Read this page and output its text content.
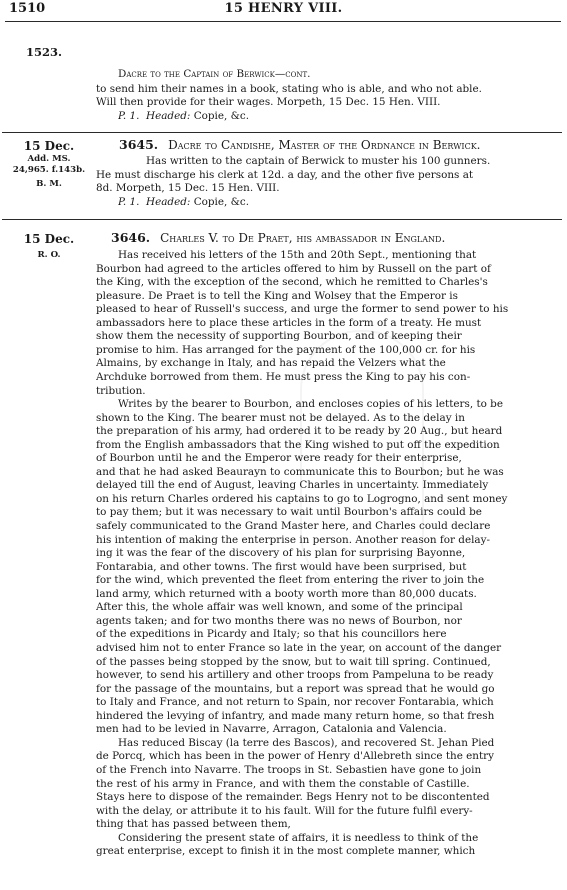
1510	15 HENRY VIII.
1523.
Dacre to the Captain of Berwick—cont.
to send him their names in a book, stating who is able, and who not able.
Will then provide for their wages. Morpeth, 15 Dec. 15 Hen. VIII.
P. 1. Headed: Copie, &c.
15 Dec.
Add. MS.
24,965. f.143b.
B. M.
3645. Dacre to Candishe, Master of the Ordnance in Berwick.
Has written to the captain of Berwick to muster his 100 gunners.
He must discharge his clerk at 12d. a day, and the other five persons at
8d. Morpeth, 15 Dec. 15 Hen. VIII.
P. 1. Headed: Copie, &c.
15 Dec.
R. O.
3646. Charles V. to De Praet, his ambassador in England.
Has received his letters of the 15th and 20th Sept., mentioning that
Bourbon had agreed to the articles offered to him by Russell on the part of
the King, with the exception of the second, which he remitted to Charles's
pleasure. De Praet is to tell the King and Wolsey that the Emperor is
pleased to hear of Russell's success, and urge the former to send power to his
ambassadors here to place these articles in the form of a treaty. He must
show them the necessity of supporting Bourbon, and of keeping their
promise to him. Has arranged for the payment of the 100,000 cr. for his
Almains, by exchange in Italy, and has repaid the Velzers what the
Archduke borrowed from them. He must press the King to pay his con-
tribution.
Writes by the bearer to Bourbon, and encloses copies of his letters, to be
shown to the King. The bearer must not be delayed. As to the delay in
the preparation of his army, had ordered it to be ready by 20 Aug., but heard
from the English ambassadors that the King wished to put off the expedition
of Bourbon until he and the Emperor were ready for their enterprise,
and that he had asked Beaurayn to communicate this to Bourbon; but he was
delayed till the end of August, leaving Charles in uncertainty. Immediately
on his return Charles ordered his captains to go to Logrogno, and sent money
to pay them; but it was necessary to wait until Bourbon's affairs could be
safely communicated to the Grand Master here, and Charles could declare
his intention of making the enterprise in person. Another reason for delay-
ing it was the fear of the discovery of his plan for surprising Bayonne,
Fontarabia, and other towns. The first would have been surprised, but
for the wind, which prevented the fleet from entering the river to join the
land army, which returned with a booty worth more than 80,000 ducats.
After this, the whole affair was well known, and some of the principal
agents taken; and for two months there was no news of Bourbon, nor
of the expeditions in Picardy and Italy; so that his councillors here
advised him not to enter France so late in the year, on account of the danger
of the passes being stopped by the snow, but to wait till spring. Continued,
however, to send his artillery and other troops from Pampeluna to be ready
for the passage of the mountains, but a report was spread that he would go
to Italy and France, and not return to Spain, nor recover Fontarabia, which
hindered the levying of infantry, and made many return home, so that fresh
men had to be levied in Navarre, Arragon, Catalonia and Valencia.
Has reduced Biscay (la terre des Bascos), and recovered St. Jehan Pied
de Porcq, which has been in the power of Henry d'Allebreth since the entry
of the French into Navarre. The troops in St. Sebastien have gone to join
the rest of his army in France, and with them the constable of Castille.
Stays here to dispose of the remainder. Begs Henry not to be discontented
with the delay, or attribute it to his fault. Will for the future fulfil every-
thing that has passed between them,
Considering the present state of affairs, it is needless to think of the
great enterprise, except to finish it in the most complete manner, which
